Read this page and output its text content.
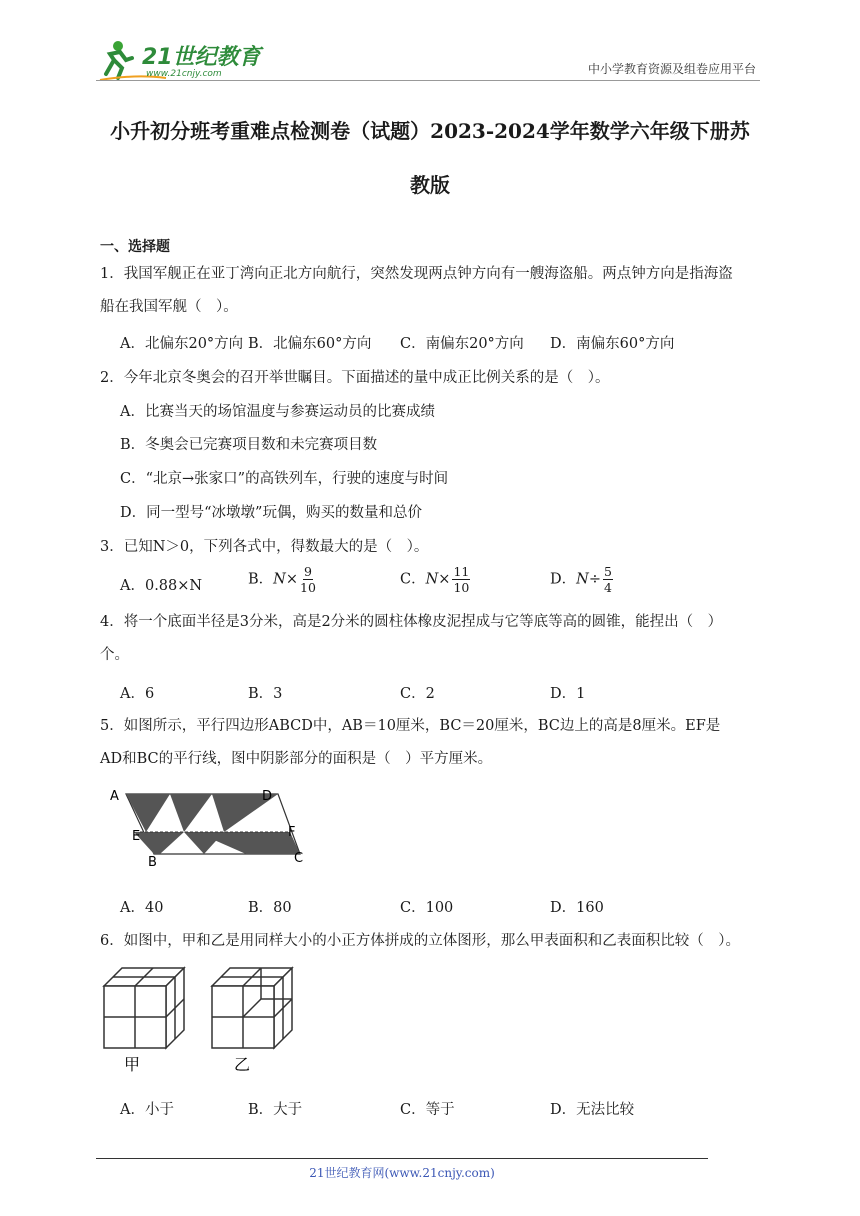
21世纪教育
www.21cnjy.com	中小学教育资源及组卷应用平台
小升初分班考重难点检测卷（试题）2023-2024学年数学六年级下册苏
教版
一、选择题
1．我国军舰正在亚丁湾向正北方向航行，突然发现两点钟方向有一艘海盗船。两点钟方向是指海盗
船在我国军舰（　）。
A．北偏东20°方向 B．北偏东60°方向 C．南偏东20°方向 D．南偏东60°方向
2．今年北京冬奥会的召开举世瞩目。下面描述的量中成正比例关系的是（　）。
A．比赛当天的场馆温度与参赛运动员的比赛成绩
B．冬奥会已完赛项目数和未完赛项目数
C．“北京→张家口”的高铁列车，行驶的速度与时间
D．同一型号“冰墩墩”玩偶，购买的数量和总价
3．已知N＞0，下列各式中，得数最大的是（　）。
A．0.88×N	B．$N\times \frac{9}{10}$	C．$N\times \frac{11}{10}$	D．$N\div \frac{5}{4}$
4．将一个底面半径是3分米，高是2分米的圆柱体橡皮泥捏成与它等底等高的圆锥，能捏出（　）
个。
A．6	B．3	C．2	D．1
5．如图所示，平行四边形ABCD中，AB＝10厘米，BC＝20厘米，BC边上的高是8厘米。EF是
AD和BC的平行线，图中阴影部分的面积是（　）平方厘米。
A	D
E	F
B	C
A．40	B．80	C．100	D．160
6．如图中，甲和乙是用同样大小的小正方体拼成的立体图形，那么甲表面积和乙表面积比较（　）。
甲	乙
A．小于	B．大于	C．等于	D．无法比较
21世纪教育网(www.21cnjy.com)
